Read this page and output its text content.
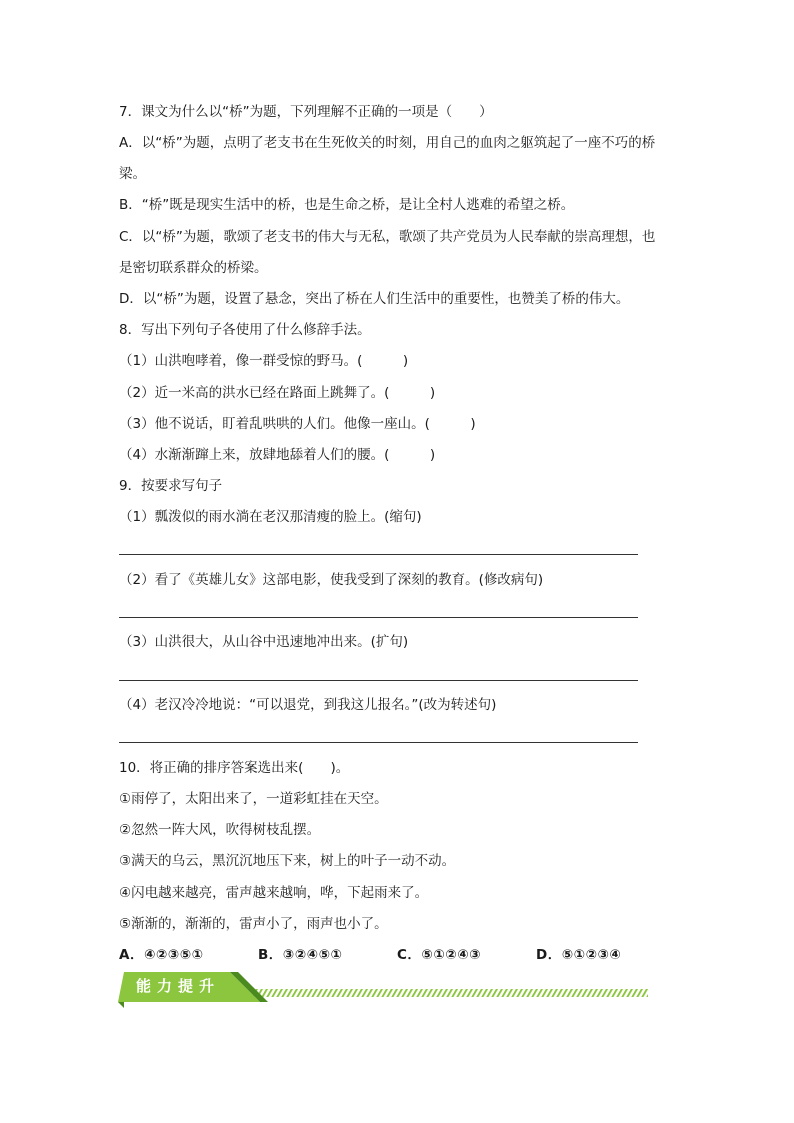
7．课文为什么以“桥”为题，下列理解不正确的一项是（　　）
A．以“桥”为题，点明了老支书在生死攸关的时刻，用自己的血肉之躯筑起了一座不巧的桥
梁。
B．“桥”既是现实生活中的桥，也是生命之桥，是让全村人逃难的希望之桥。
C．以“桥”为题，歌颂了老支书的伟大与无私，歌颂了共产党员为人民奉献的崇高理想，也
是密切联系群众的桥梁。
D．以“桥”为题，设置了悬念，突出了桥在人们生活中的重要性，也赞美了桥的伟大。
8．写出下列句子各使用了什么修辞手法。
（1）山洪咆哮着，像一群受惊的野马。(　　　)
（2）近一米高的洪水已经在路面上跳舞了。(　　　)
（3）他不说话，盯着乱哄哄的人们。他像一座山。(　　　)
（4）水渐渐蹿上来，放肆地舔着人们的腰。(　　　)
9．按要求写句子
（1）瓢泼似的雨水淌在老汉那清瘦的脸上。(缩句)
（2）看了《英雄儿女》这部电影，使我受到了深刻的教育。(修改病句)
（3）山洪很大，从山谷中迅速地冲出来。(扩句)
（4）老汉冷冷地说：“可以退党，到我这儿报名。”(改为转述句)
10．将正确的排序答案选出来(　　)。
①雨停了，太阳出来了，一道彩虹挂在天空。
②忽然一阵大风，吹得树枝乱摆。
③满天的乌云，黑沉沉地压下来，树上的叶子一动不动。
④闪电越来越亮，雷声越来越响，哗，下起雨来了。
⑤渐渐的，渐渐的，雷声小了，雨声也小了。
A．④②③⑤①	B．③②④⑤①	C．⑤①②④③	D．⑤①②③④
能力提升
